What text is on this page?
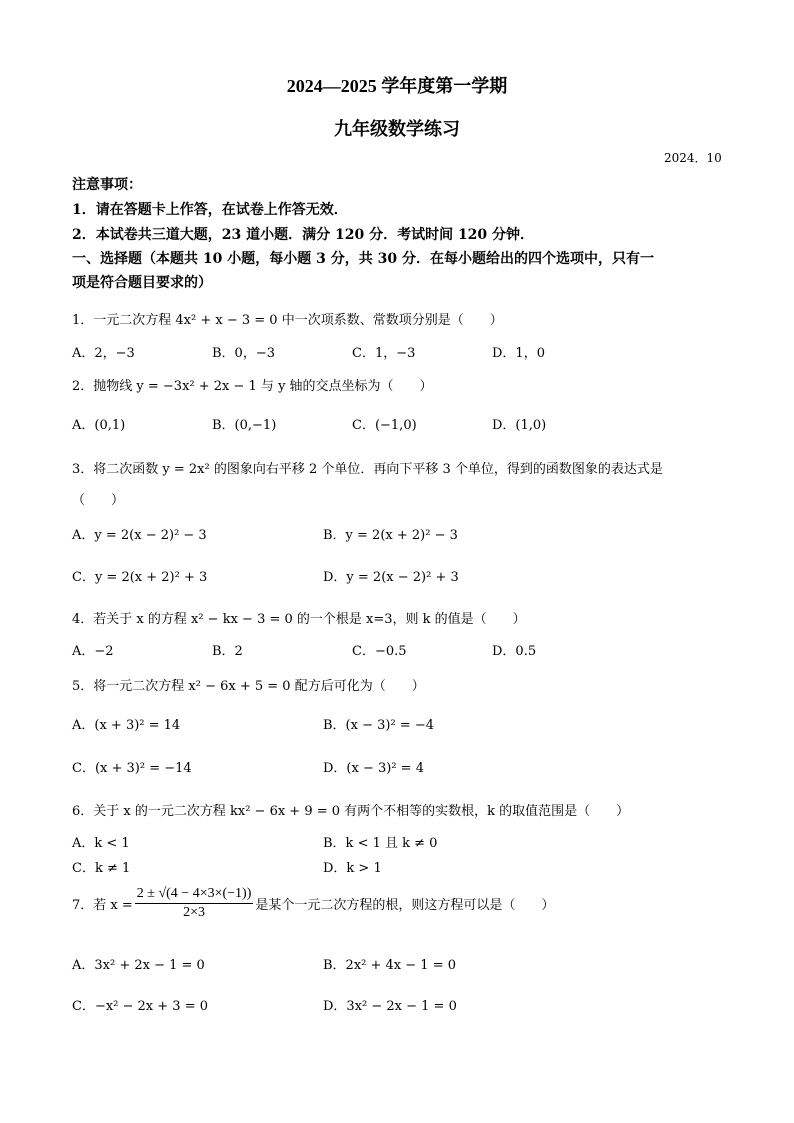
2024—2025 学年度第一学期
九年级数学练习
2024．10
注意事项：
1．请在答题卡上作答，在试卷上作答无效．
2．本试卷共三道大题，23 道小题．满分 120 分．考试时间 120 分钟．
一、选择题（本题共 10 小题，每小题 3 分，共 30 分．在每小题给出的四个选项中，只有一
项是符合题目要求的）
1．一元二次方程 4x² + x − 3 = 0 中一次项系数、常数项分别是（　　）
A．2，−3	B．0，−3	C．1，−3	D．1，0
2．抛物线 y = −3x² + 2x − 1 与 y 轴的交点坐标为（　　）
A．(0,1)	B．(0,−1)	C．(−1,0)	D．(1,0)
3．将二次函数 y = 2x² 的图象向右平移 2 个单位．再向下平移 3 个单位，得到的函数图象的表达式是
（　　）
A．y = 2(x − 2)² − 3	B．y = 2(x + 2)² − 3
C．y = 2(x + 2)² + 3	D．y = 2(x − 2)² + 3
4．若关于 x 的方程 x² − kx − 3 = 0 的一个根是 x=3，则 k 的值是（　　）
A．−2	B．2	C．−0.5	D．0.5
5．将一元二次方程 x² − 6x + 5 = 0 配方后可化为（　　）
A．(x + 3)² = 14	B．(x − 3)² = −4
C．(x + 3)² = −14	D．(x − 3)² = 4
6．关于 x 的一元二次方程 kx² − 6x + 9 = 0 有两个不相等的实数根，k 的取值范围是（　　）
A．k < 1	B．k < 1 且 k ≠ 0
C．k ≠ 1	D．k > 1
7．若 $x = \frac{2 \pm √(4 - 4\times 3\times(-1))}{2\times 3}$ 是某个一元二次方程的根，则这方程可以是（　　）
A．3x² + 2x − 1 = 0	B．2x² + 4x − 1 = 0
C．−x² − 2x + 3 = 0	D．3x² − 2x − 1 = 0
